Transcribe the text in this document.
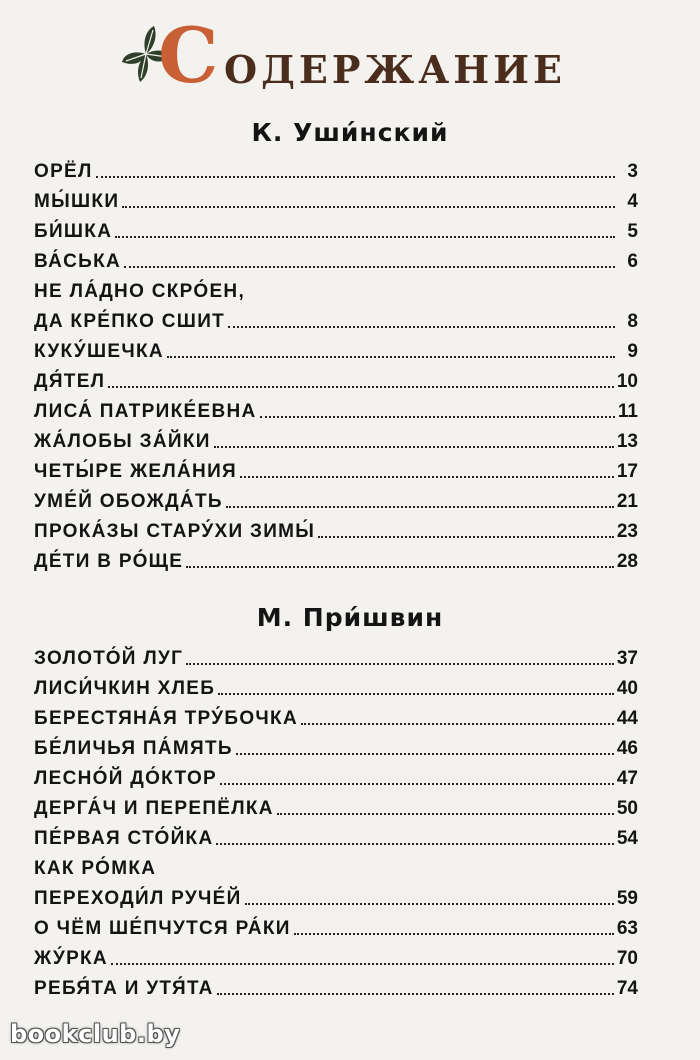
С ОДЕРЖАНИЕ
К. Уши́нский
ОРЁЛ	3
МЫ́ШКИ	4
БИ́ШКА	5
ВА́СЬКА	6
НЕ ЛА́ДНО СКРО́ЕН,
ДА КРЕ́ПКО СШИТ	8
КУКУ́ШЕЧКА	9
ДЯ́ТЕЛ	10
ЛИСА́ ПАТРИКЕ́ЕВНА	11
ЖА́ЛОБЫ ЗА́ЙКИ	13
ЧЕТЫ́РЕ ЖЕЛА́НИЯ	17
УМЕ́Й ОБОЖДА́ТЬ	21
ПРОКА́ЗЫ СТАРУ́ХИ ЗИМЫ́	23
ДЕ́ТИ В РО́ЩЕ	28
М. При́швин
ЗОЛОТО́Й ЛУГ	37
ЛИСИ́ЧКИН ХЛЕБ	40
БЕРЕСТЯНА́Я ТРУ́БОЧКА	44
БЕ́ЛИЧЬЯ ПА́МЯТЬ	46
ЛЕСНО́Й ДО́КТОР	47
ДЕРГА́Ч И ПЕРЕПЁЛКА	50
ПЕ́РВАЯ СТО́ЙКА	54
КАК РО́МКА
ПЕРЕХОДИ́Л РУЧЕ́Й	59
О ЧЁМ ШЕ́ПЧУТСЯ РА́КИ	63
ЖУ́РКА	70
РЕБЯ́ТА И УТЯ́ТА	74
bookclub.by
